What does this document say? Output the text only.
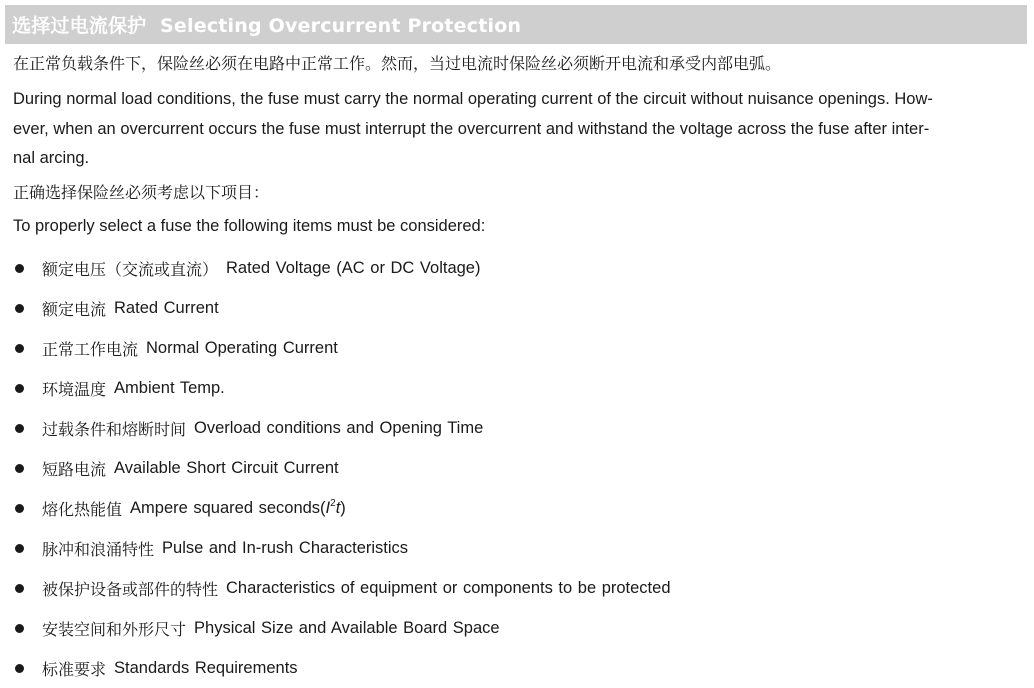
选择过电流保护 Selecting Overcurrent Protection

在正常负载条件下，保险丝必须在电路中正常工作。然而，当过电流时保险丝必须断开电流和承受内部电弧。

During normal load conditions, the fuse must carry the normal operating current of the circuit without nuisance openings. How-
ever, when an overcurrent occurs the fuse must interrupt the overcurrent and withstand the voltage across the fuse after inter-
nal arcing.

正确选择保险丝必须考虑以下项目：

To properly select a fuse the following items must be considered:

额定电压（交流或直流） Rated Voltage (AC or DC Voltage)
额定电流 Rated Current
正常工作电流 Normal Operating Current
环境温度 Ambient Temp.
过载条件和熔断时间 Overload conditions and Opening Time
短路电流 Available Short Circuit Current
熔化热能值 Ampere squared $seconds(I^2t)$
脉冲和浪涌特性 Pulse and In-rush Characteristics
被保护设备或部件的特性 Characteristics of equipment or components to be protected
安装空间和外形尺寸 Physical Size and Available Board Space
标准要求 Standards Requirements
